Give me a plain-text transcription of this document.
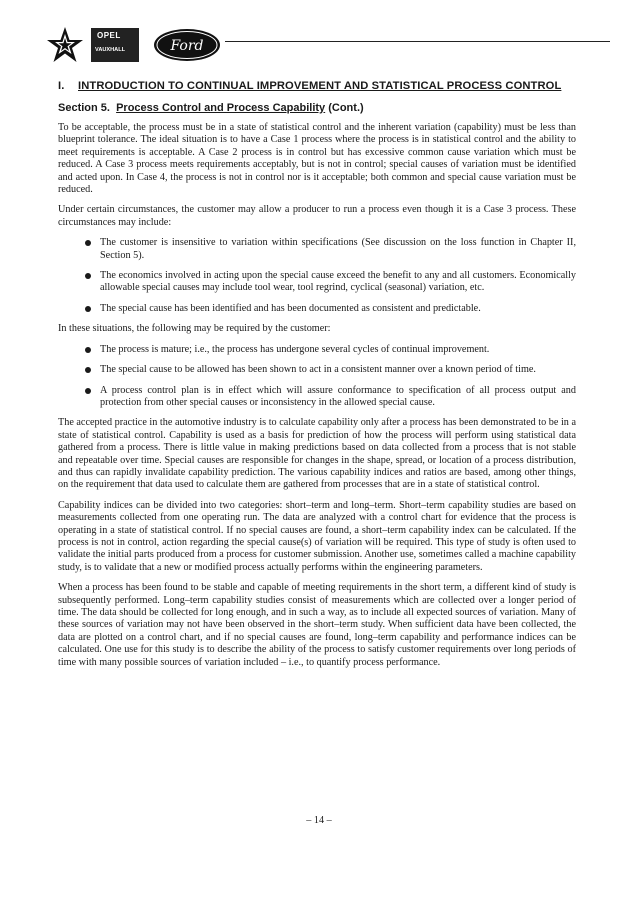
OPEL
VAUXHALL	Ford
I.	INTRODUCTION TO CONTINUAL IMPROVEMENT AND STATISTICAL PROCESS CONTROL
Section 5. Process Control and Process Capability (Cont.)

To be acceptable, the process must be in a state of statistical control and the inherent variation (capability) must be less than blueprint tolerance. The ideal situation is to have a Case 1 process where the process is in statistical control and the ability to meet requirements is acceptable. A Case 2 process is in control but has excessive common cause variation which must be reduced. A Case 3 process meets requirements acceptably, but is not in control; special causes of variation must be identified and acted upon. In Case 4, the process is not in control nor is it acceptable; both common and special cause variation must be reduced.

Under certain circumstances, the customer may allow a producer to run a process even though it is a Case 3 process. These circumstances may include:

The customer is insensitive to variation within specifications (See discussion on the loss function in Chapter II, Section 5).
The economics involved in acting upon the special cause exceed the benefit to any and all customers. Economically allowable special causes may include tool wear, tool regrind, cyclical (seasonal) variation, etc.
The special cause has been identified and has been documented as consistent and predictable.

In these situations, the following may be required by the customer:

The process is mature; i.e., the process has undergone several cycles of continual improvement.
The special cause to be allowed has been shown to act in a consistent manner over a known period of time.
A process control plan is in effect which will assure conformance to specification of all process output and protection from other special causes or inconsistency in the allowed special cause.

The accepted practice in the automotive industry is to calculate capability only after a process has been demonstrated to be in a state of statistical control. Capability is used as a basis for prediction of how the process will perform using statistical data gathered from a process. There is little value in making predictions based on data collected from a process that is not stable and repeatable over time. Special causes are responsible for changes in the shape, spread, or location of a process distribution, and thus can rapidly invalidate capability prediction. The various capability indices and ratios are based, among other things, on the requirement that data used to calculate them are gathered from processes that are in a state of statistical control.

Capability indices can be divided into two categories: short–term and long–term. Short–term capability studies are based on measurements collected from one operating run. The data are analyzed with a control chart for evidence that the process is operating in a state of statistical control. If no special causes are found, a short–term capability index can be calculated. If the process is not in control, action regarding the special cause(s) of variation will be required. This type of study is often used to validate the initial parts produced from a process for customer submission. Another use, sometimes called a machine capability study, is to validate that a new or modified process actually performs within the engineering parameters.

When a process has been found to be stable and capable of meeting requirements in the short term, a different kind of study is subsequently performed. Long–term capability studies consist of measurements which are collected over a longer period of time. The data should be collected for long enough, and in such a way, as to include all expected sources of variation. Many of these sources of variation may not have been observed in the short–term study. When sufficient data have been collected, the data are plotted on a control chart, and if no special causes are found, long–term capability and performance indices can be calculated. One use for this study is to describe the ability of the process to satisfy customer requirements over long periods of time with many possible sources of variation included – i.e., to quantify process performance.

– 14 –
